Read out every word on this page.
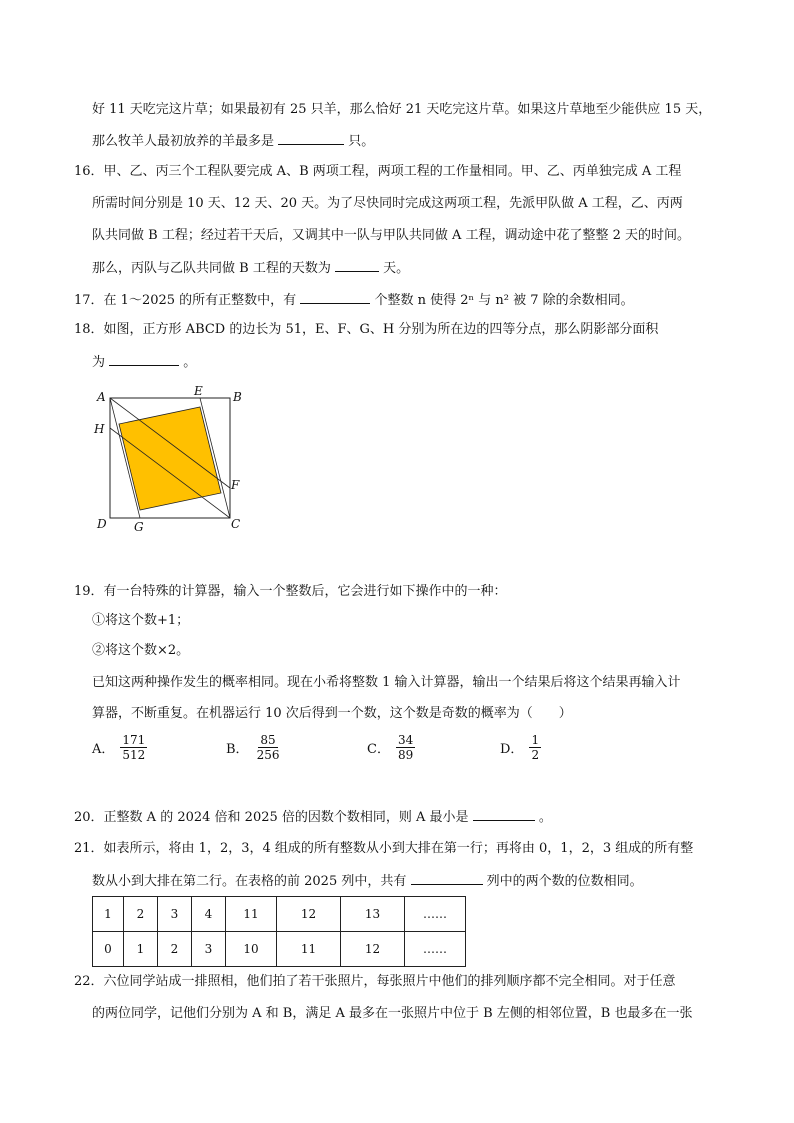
好 11 天吃完这片草；如果最初有 25 只羊，那么恰好 21 天吃完这片草。如果这片草地至少能供应 15 天，
那么牧羊人最初放养的羊最多是	只。
16．甲、乙、丙三个工程队要完成 A、B 两项工程，两项工程的工作量相同。甲、乙、丙单独完成 A 工程
所需时间分别是 10 天、12 天、20 天。为了尽快同时完成这两项工程，先派甲队做 A 工程，乙、丙两
队共同做 B 工程；经过若干天后，又调其中一队与甲队共同做 A 工程，调动途中花了整整 2 天的时间。
那么，丙队与乙队共同做 B 工程的天数为	天。
17．在 1～2025 的所有正整数中，有	个整数 n 使得 2ⁿ 与 n² 被 7 除的余数相同。
18．如图，正方形 ABCD 的边长为 51，E、F、G、H 分别为所在边的四等分点，那么阴影部分面积
为	。
A	B
C
D
E
F
G
H
19．有一台特殊的计算器，输入一个整数后，它会进行如下操作中的一种：
①将这个数+1；
②将这个数×2。
已知这两种操作发生的概率相同。现在小希将整数 1 输入计算器，输出一个结果后将这个结果再输入计
算器，不断重复。在机器运行 10 次后得到一个数，这个数是奇数的概率为（　　）
A． $\frac{171}{512}$	B． $\frac{85}{256}$	C． $\frac{34}{89}$	D． $\frac{1}{2}$
20．正整数 A 的 2024 倍和 2025 倍的因数个数相同，则 A 最小是	。
21．如表所示，将由 1，2，3，4 组成的所有整数从小到大排在第一行；再将由 0，1，2，3 组成的所有整
数从小到大排在第二行。在表格的前 2025 列中，共有	列中的两个数的位数相同。
1	2	3	4	11	12	13	……
0	1	2	3	10	11	12	……
22．六位同学站成一排照相，他们拍了若干张照片，每张照片中他们的排列顺序都不完全相同。对于任意
的两位同学，记他们分别为 A 和 B，满足 A 最多在一张照片中位于 B 左侧的相邻位置，B 也最多在一张
